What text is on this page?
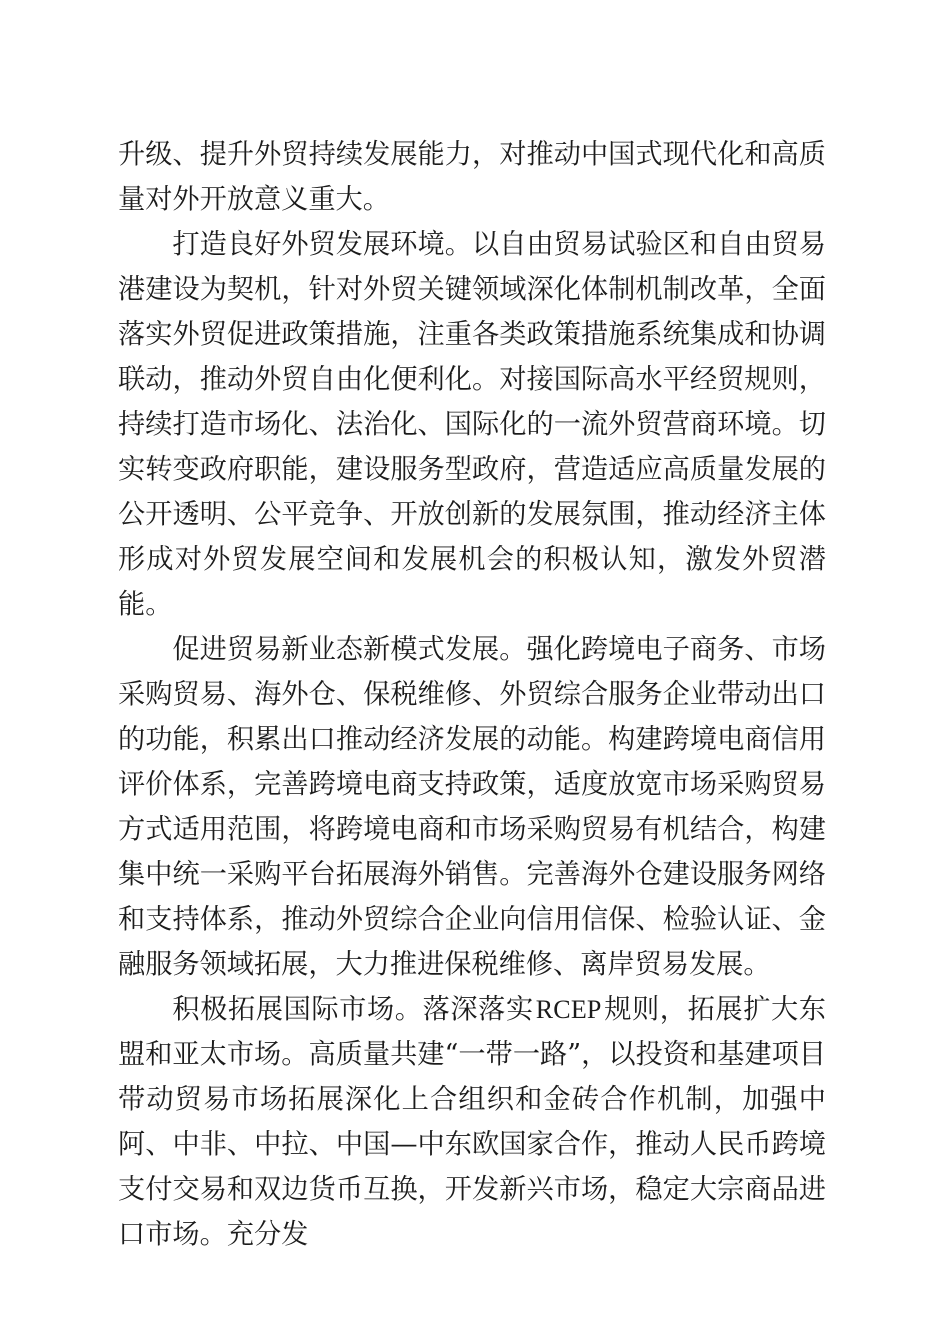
升级、提升外贸持续发展能力，对推动中国式现代化和高质量对外开放意义重大。

打造良好外贸发展环境。以自由贸易试验区和自由贸易港建设为契机，针对外贸关键领域深化体制机制改革，全面落实外贸促进政策措施，注重各类政策措施系统集成和协调联动，推动外贸自由化便利化。对接国际高水平经贸规则，持续打造市场化、法治化、国际化的一流外贸营商环境。切实转变政府职能，建设服务型政府，营造适应高质量发展的公开透明、公平竞争、开放创新的发展氛围，推动经济主体形成对外贸发展空间和发展机会的积极认知，激发外贸潜能。

促进贸易新业态新模式发展。强化跨境电子商务、市场采购贸易、海外仓、保税维修、外贸综合服务企业带动出口的功能，积累出口推动经济发展的动能。构建跨境电商信用评价体系，完善跨境电商支持政策，适度放宽市场采购贸易方式适用范围，将跨境电商和市场采购贸易有机结合，构建集中统一采购平台拓展海外销售。完善海外仓建设服务网络和支持体系，推动外贸综合企业向信用信保、检验认证、金融服务领域拓展，大力推进保税维修、离岸贸易发展。

积极拓展国际市场。落深落实RCEP规则，拓展扩大东盟和亚太市场。高质量共建“一带一路”，以投资和基建项目带动贸易市场拓展深化上合组织和金砖合作机制，加强中阿、中非、中拉、中国—中东欧国家合作，推动人民币跨境支付交易和双边货币互换，开发新兴市场，稳定大宗商品进口市场。充分发
